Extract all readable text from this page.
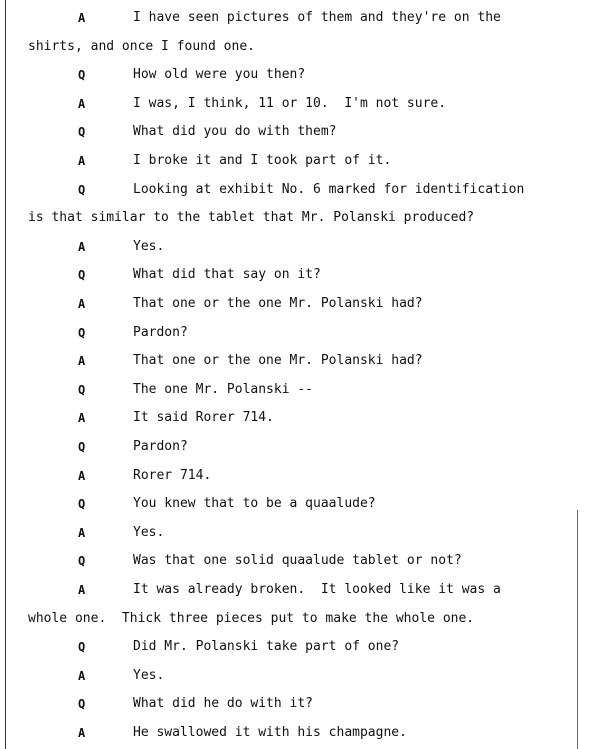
A	I have seen pictures of them and they're on the
shirts, and once I found one.
Q	How old were you then?
A	I was, I think, 11 or 10.  I'm not sure.
Q	What did you do with them?
A	I broke it and I took part of it.
Q	Looking at exhibit No. 6 marked for identification
is that similar to the tablet that Mr. Polanski produced?
A	Yes.
Q	What did that say on it?
A	That one or the one Mr. Polanski had?
Q	Pardon?
A	That one or the one Mr. Polanski had?
Q	The one Mr. Polanski --
A	It said Rorer 714.
Q	Pardon?
A	Rorer 714.
Q	You knew that to be a quaalude?
A	Yes.
Q	Was that one solid quaalude tablet or not?
A	It was already broken.  It looked like it was a
whole one.  Thick three pieces put to make the whole one.
Q	Did Mr. Polanski take part of one?
A	Yes.
Q	What did he do with it?
A	He swallowed it with his champagne.
